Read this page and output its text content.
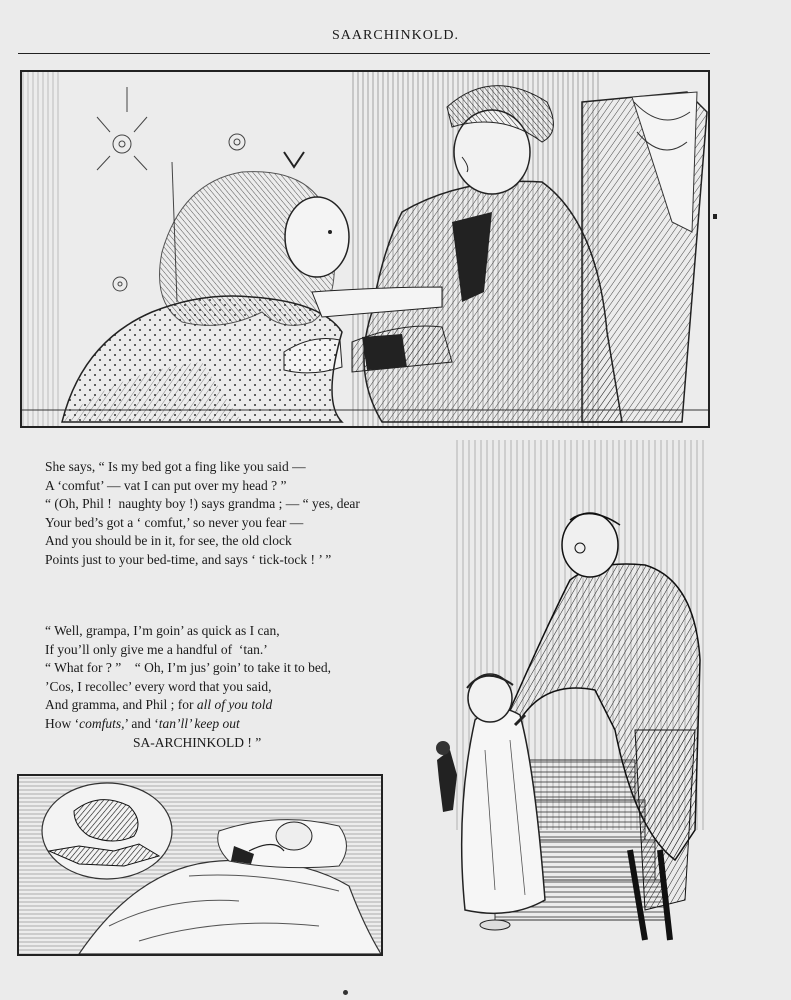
SAARCHINKOLD.
She says, “ Is my bed got a fing like you said —
A ‘comfut’ — vat I can put over my head ? ”
“ (Oh, Phil !  naughty boy !) says grandma ; — “ yes, dear
Your bed’s got a ‘ comfut,’ so never you fear —
And you should be in it, for see, the old clock
Points just to your bed-time, and says ‘ tick-tock ! ’ ”
“ Well, grampa, I’m goin’ as quick as I can,
If you’ll only give me a handful of  ‘tan.’
“ What for ? ”    “ Oh, I’m jus’ goin’ to take it to bed,
’Cos, I recollec’ every word that you said,
And gramma, and Phil ; for all of you told
How ‘comfuts,’ and ‘tan’ll’ keep out
SA-ARCHINKOLD ! ”
